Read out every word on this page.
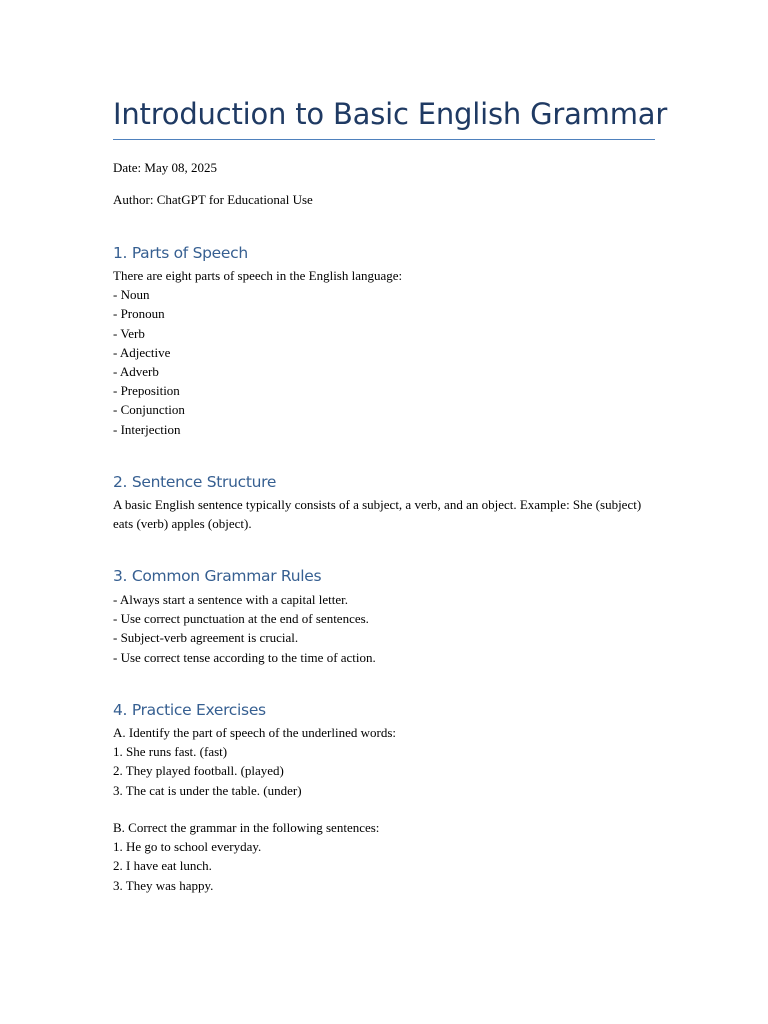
Introduction to Basic English Grammar

Date: May 08, 2025

Author: ChatGPT for Educational Use

1. Parts of Speech
There are eight parts of speech in the English language:
- Noun
- Pronoun
- Verb
- Adjective
- Adverb
- Preposition
- Conjunction
- Interjection
2. Sentence Structure

A basic English sentence typically consists of a subject, a verb, and an object. Example: She (subject) eats (verb) apples (object).

3. Common Grammar Rules
- Always start a sentence with a capital letter.
- Use correct punctuation at the end of sentences.
- Subject-verb agreement is crucial.
- Use correct tense according to the time of action.
4. Practice Exercises
A. Identify the part of speech of the underlined words:
1. She runs fast. (fast)
2. They played football. (played)
3. The cat is under the table. (under)
B. Correct the grammar in the following sentences:
1. He go to school everyday.
2. I have eat lunch.
3. They was happy.
